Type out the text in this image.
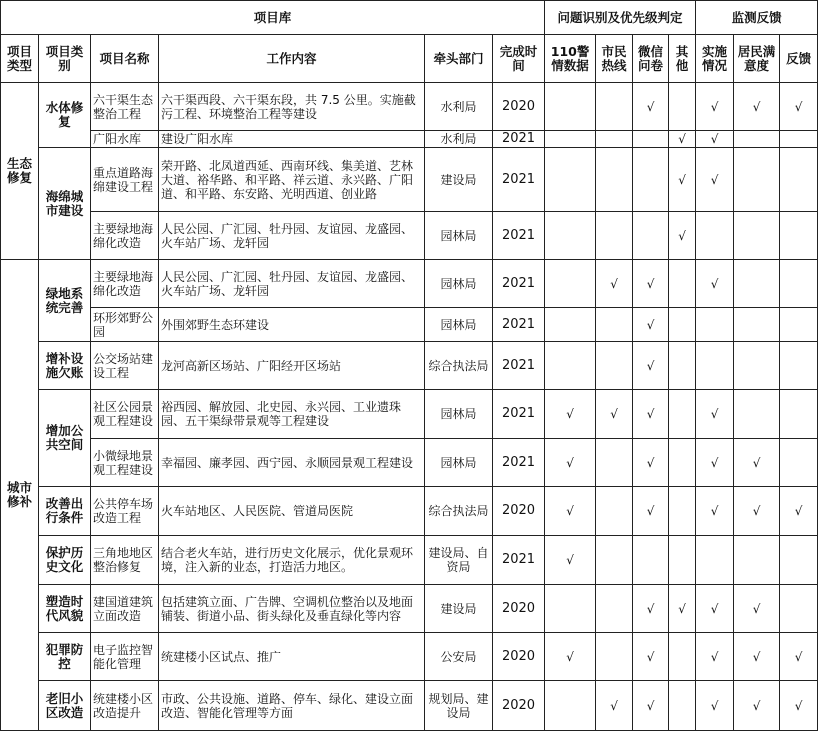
项目库						问题识别及优先级判定				监测反馈		
项目类型	项目类别	项目名称	工作内容	牵头部门	完成时间	110警情数据	市民热线	微信问卷	其他	实施情况	居民满意度	反馈
生态修复	水体修复	六干渠生态整治工程	六干渠西段、六干渠东段，共 7.5 公里。实施截污工程、环境整治工程等建设	水利局	2020			√		√	√	√
		广阳水库	建设广阳水库	水利局	2021				√	√		
	海绵城市建设	重点道路海绵建设工程	荣开路、北凤道西延、西南环线、集美道、艺林大道、裕华路、和平路、祥云道、永兴路、广阳道、和平路、东安路、光明西道、创业路	建设局	2021				√	√		
		主要绿地海绵化改造	人民公园、广汇园、牡丹园、友谊园、龙盛园、火车站广场、龙轩园	园林局	2021				√			
城市修补	绿地系统完善	主要绿地海绵化改造	人民公园、广汇园、牡丹园、友谊园、龙盛园、火车站广场、龙轩园	园林局	2021		√	√		√		
		环形郊野公园	外围郊野生态环建设	园林局	2021			√				
	增补设施欠账	公交场站建设工程	龙河高新区场站、广阳经开区场站	综合执法局	2021			√				
	增加公共空间	社区公园景观工程建设	裕西园、解放园、北史园、永兴园、工业遗珠园、五干渠绿带景观等工程建设	园林局	2021	√	√	√		√		
		小微绿地景观工程建设	幸福园、廉孝园、西宁园、永顺园景观工程建设	园林局	2021	√		√		√	√	
	改善出行条件	公共停车场改造工程	火车站地区、人民医院、管道局医院	综合执法局	2020	√		√		√	√	√
	保护历史文化	三角地地区整治修复	结合老火车站，进行历史文化展示，优化景观环境，注入新的业态，打造活力地区。	建设局、自资局	2021	√						
	塑造时代风貌	建国道建筑立面改造	包括建筑立面、广告牌、空调机位整治以及地面铺装、街道小品、街头绿化及垂直绿化等内容	建设局	2020			√	√	√	√	
	犯罪防控	电子监控智能化管理	统建楼小区试点、推广	公安局	2020	√		√		√	√	√
	老旧小区改造	统建楼小区改造提升	市政、公共设施、道路、停车、绿化、建设立面改造、智能化管理等方面	规划局、建设局	2020		√	√		√	√	√
